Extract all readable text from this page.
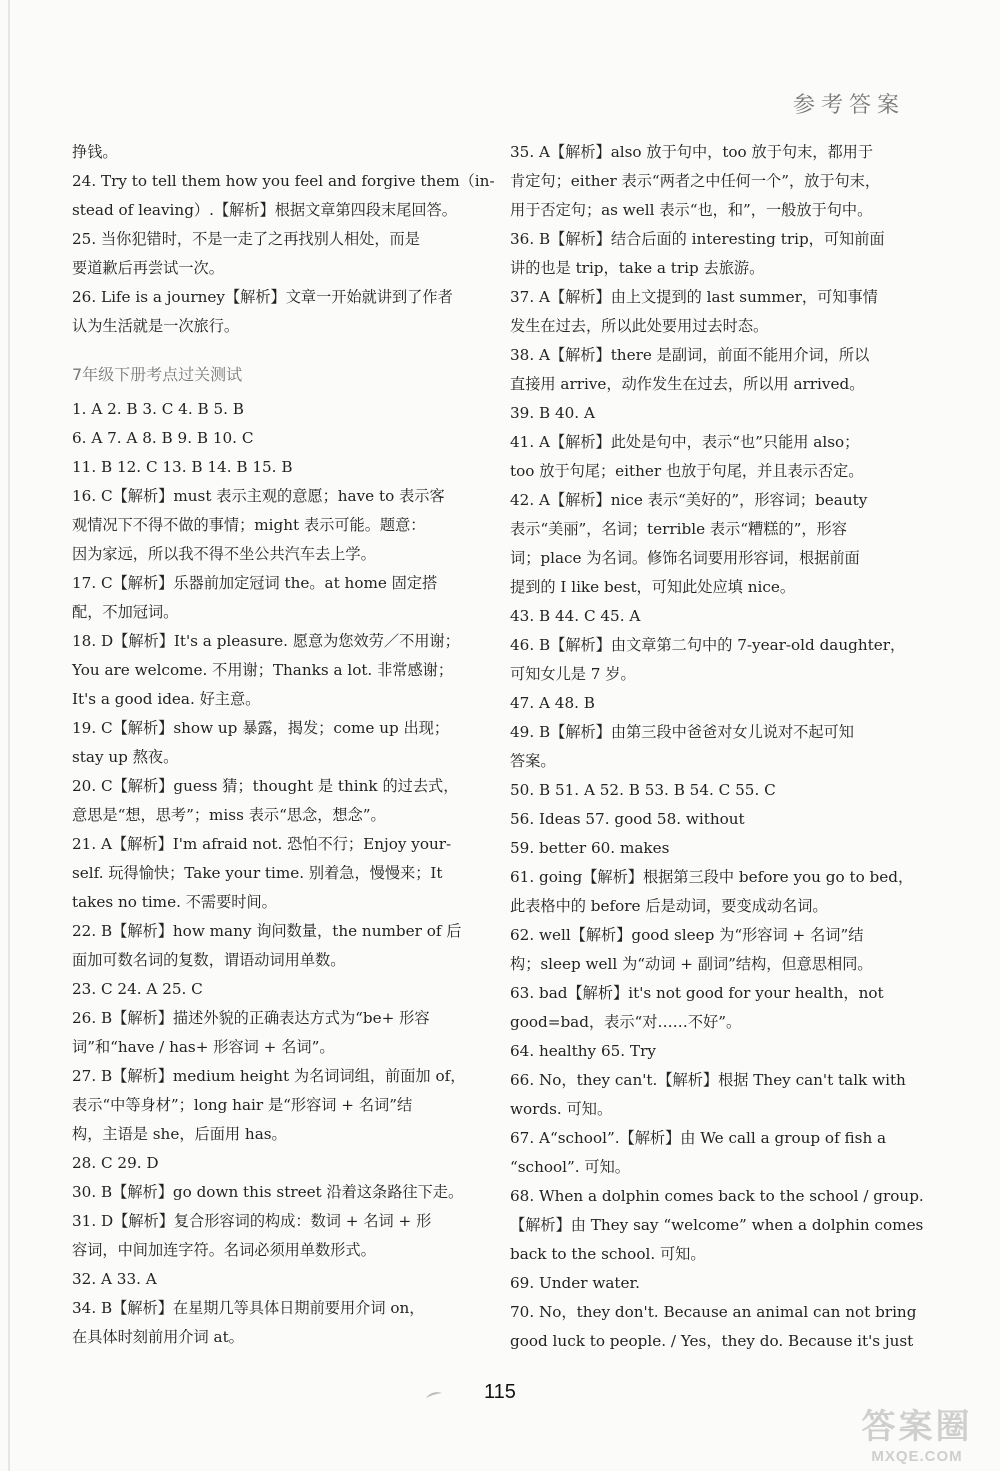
参考答案
挣钱。
24. Try to tell them how you feel and forgive them（in-
stead of leaving）.【解析】根据文章第四段末尾回答。
25. 当你犯错时，不是一走了之再找别人相处，而是
要道歉后再尝试一次。
26. Life is a journey【解析】文章一开始就讲到了作者
认为生活就是一次旅行。
7年级下册考点过关测试
1. A 2. B 3. C 4. B 5. B
6. A 7. A 8. B 9. B 10. C
11. B 12. C 13. B 14. B 15. B
16. C【解析】must 表示主观的意愿；have to 表示客
观情况下不得不做的事情；might 表示可能。题意：
因为家远，所以我不得不坐公共汽车去上学。
17. C【解析】乐器前加定冠词 the。at home 固定搭
配，不加冠词。
18. D【解析】It's a pleasure. 愿意为您效劳／不用谢；
You are welcome. 不用谢；Thanks a lot. 非常感谢；
It's a good idea. 好主意。
19. C【解析】show up 暴露，揭发；come up 出现；
stay up 熬夜。
20. C【解析】guess 猜；thought 是 think 的过去式，
意思是“想，思考”；miss 表示“思念，想念”。
21. A【解析】I'm afraid not. 恐怕不行；Enjoy your-
self. 玩得愉快；Take your time. 别着急，慢慢来；It
takes no time. 不需要时间。
22. B【解析】how many 询问数量，the number of 后
面加可数名词的复数，谓语动词用单数。
23. C 24. A 25. C
26. B【解析】描述外貌的正确表达方式为“be+ 形容
词”和“have / has+ 形容词 + 名词”。
27. B【解析】medium height 为名词词组，前面加 of，
表示“中等身材”；long hair 是“形容词 + 名词”结
构，主语是 she，后面用 has。
28. C 29. D
30. B【解析】go down this street 沿着这条路往下走。
31. D【解析】复合形容词的构成：数词 + 名词 + 形
容词，中间加连字符。名词必须用单数形式。
32. A 33. A
34. B【解析】在星期几等具体日期前要用介词 on，
在具体时刻前用介词 at。
35. A【解析】also 放于句中，too 放于句末，都用于
肯定句；either 表示“两者之中任何一个”，放于句末，
用于否定句；as well 表示“也，和”，一般放于句中。
36. B【解析】结合后面的 interesting trip，可知前面
讲的也是 trip，take a trip 去旅游。
37. A【解析】由上文提到的 last summer，可知事情
发生在过去，所以此处要用过去时态。
38. A【解析】there 是副词，前面不能用介词，所以
直接用 arrive，动作发生在过去，所以用 arrived。
39. B 40. A
41. A【解析】此处是句中，表示“也”只能用 also；
too 放于句尾；either 也放于句尾，并且表示否定。
42. A【解析】nice 表示“美好的”，形容词；beauty
表示“美丽”，名词；terrible 表示“糟糕的”，形容
词；place 为名词。修饰名词要用形容词，根据前面
提到的 I like best，可知此处应填 nice。
43. B 44. C 45. A
46. B【解析】由文章第二句中的 7-year-old daughter，
可知女儿是 7 岁。
47. A 48. B
49. B【解析】由第三段中爸爸对女儿说对不起可知
答案。
50. B 51. A 52. B 53. B 54. C 55. C
56. Ideas 57. good 58. without
59. better 60. makes
61. going【解析】根据第三段中 before you go to bed，
此表格中的 before 后是动词，要变成动名词。
62. well【解析】good sleep 为“形容词 + 名词”结
构；sleep well 为“动词 + 副词”结构，但意思相同。
63. bad【解析】it's not good for your health，not
good=bad，表示“对……不好”。
64. healthy 65. Try
66. No，they can't.【解析】根据 They can't talk with
words. 可知。
67. A“school”.【解析】由 We call a group of fish a
“school”. 可知。
68. When a dolphin comes back to the school / group.
【解析】由 They say “welcome” when a dolphin comes
back to the school. 可知。
69. Under water.
70. No，they don't. Because an animal can not bring
good luck to people. / Yes，they do. Because it's just
115
答案圈
MXQE.COM
